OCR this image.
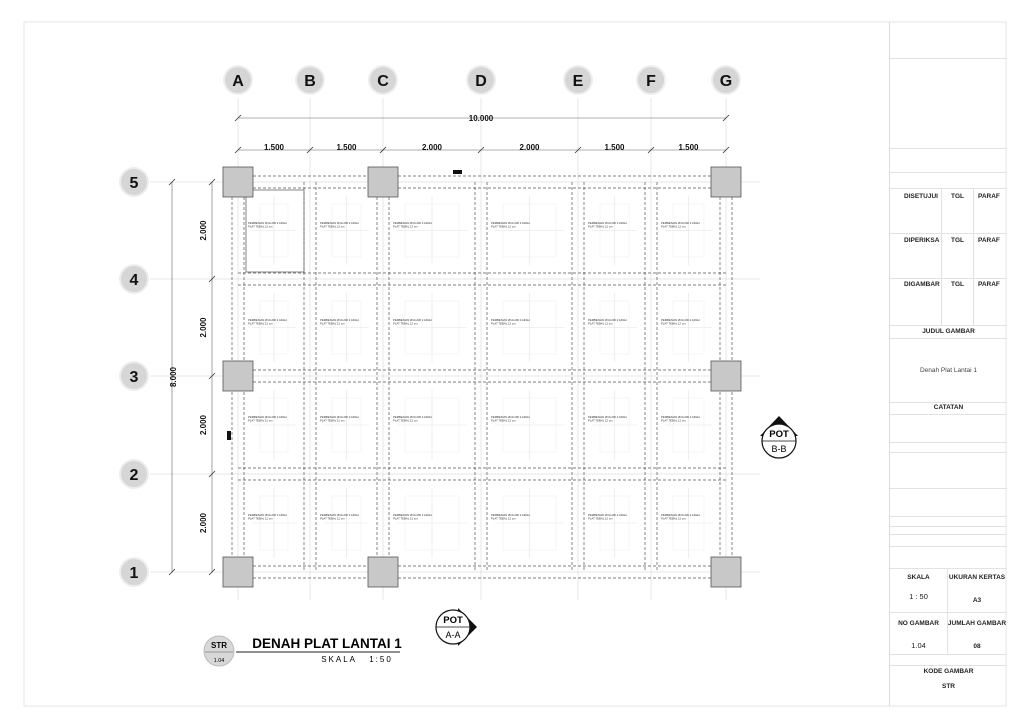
PEMBESIAN Ø10-200 2 ARAH
PLAT TEBAL 12 cm
PEMBESIAN Ø10-200 2 ARAH
PLAT TEBAL 12 cm
PEMBESIAN Ø10-200 2 ARAH
PLAT TEBAL 12 cm
PEMBESIAN Ø10-200 2 ARAH
PLAT TEBAL 12 cm
PEMBESIAN Ø10-200 2 ARAH
PLAT TEBAL 12 cm
PEMBESIAN Ø10-200 2 ARAH
PLAT TEBAL 12 cm
PEMBESIAN Ø10-200 2 ARAH
PLAT TEBAL 12 cm
PEMBESIAN Ø10-200 2 ARAH
PLAT TEBAL 12 cm
PEMBESIAN Ø10-200 2 ARAH
PLAT TEBAL 12 cm
PEMBESIAN Ø10-200 2 ARAH
PLAT TEBAL 12 cm
PEMBESIAN Ø10-200 2 ARAH
PLAT TEBAL 12 cm
PEMBESIAN Ø10-200 2 ARAH
PLAT TEBAL 12 cm
PEMBESIAN Ø10-200 2 ARAH
PLAT TEBAL 12 cm
PEMBESIAN Ø10-200 2 ARAH
PLAT TEBAL 12 cm
PEMBESIAN Ø10-200 2 ARAH
PLAT TEBAL 12 cm
PEMBESIAN Ø10-200 2 ARAH
PLAT TEBAL 12 cm
PEMBESIAN Ø10-200 2 ARAH
PLAT TEBAL 12 cm
PEMBESIAN Ø10-200 2 ARAH
PLAT TEBAL 12 cm
PEMBESIAN Ø10-200 2 ARAH
PLAT TEBAL 12 cm
PEMBESIAN Ø10-200 2 ARAH
PLAT TEBAL 12 cm
PEMBESIAN Ø10-200 2 ARAH
PLAT TEBAL 12 cm
PEMBESIAN Ø10-200 2 ARAH
PLAT TEBAL 12 cm
PEMBESIAN Ø10-200 2 ARAH
PLAT TEBAL 12 cm
PEMBESIAN Ø10-200 2 ARAH
PLAT TEBAL 12 cm
A	B	C	D	E	F	G
5
4
3
2
1
10.000
1.500	1.500	2.000	2.000	1.500	1.500
8.000
2.000
2.000
2.000
2.000
POT
B-B
POT
A-A
STR
1.04
DENAH PLAT LANTAI 1
SKALA   1:50
DISETUJUI TGL PARAF
DIPERIKSA TGL PARAF
DIGAMBAR TGL PARAF
JUDUL GAMBAR
Denah Plat Lantai 1
CATATAN
SKALA	UKURAN KERTAS
1 : 50	A3
NO GAMBAR	JUMLAH GAMBAR
1.04	08
KODE GAMBAR
STR
